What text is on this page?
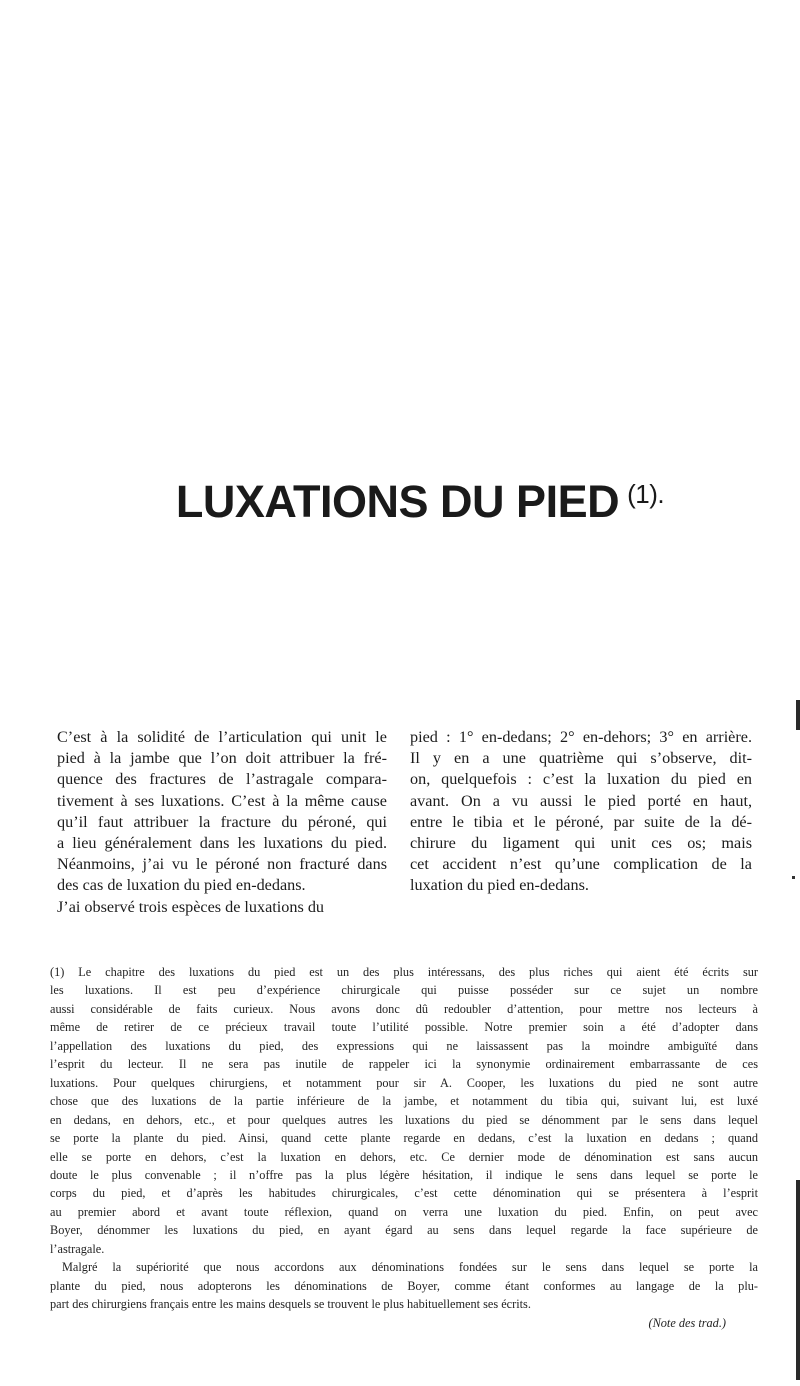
LUXATIONS DU PIED $^{(1).}$
C’est à la solidité de l’articulation qui unit le
pied à la jambe que l’on doit attribuer la fré-
quence des fractures de l’astragale compara-
tivement à ses luxations. C’est à la même cause
qu’il faut attribuer la fracture du péroné, qui
a lieu généralement dans les luxations du pied.
Néanmoins, j’ai vu le péroné non fracturé dans
des cas de luxation du pied en-dedans.
J’ai observé trois espèces de luxations du
pied : 1° en-dedans; 2° en-dehors; 3° en arrière.
Il y en a une quatrième qui s’observe, dit-
on, quelquefois : c’est la luxation du pied en
avant. On a vu aussi le pied porté en haut,
entre le tibia et le péroné, par suite de la dé-
chirure du ligament qui unit ces os; mais
cet accident n’est qu’une complication de la
luxation du pied en-dedans.
(1) Le chapitre des luxations du pied est un des plus intéressans, des plus riches qui aient été écrits sur
les luxations. Il est peu d’expérience chirurgicale qui puisse posséder sur ce sujet un nombre
aussi considérable de faits curieux. Nous avons donc dû redoubler d’attention, pour mettre nos lecteurs à
même de retirer de ce précieux travail toute l’utilité possible. Notre premier soin a été d’adopter dans
l’appellation des luxations du pied, des expressions qui ne laissassent pas la moindre ambiguïté dans
l’esprit du lecteur. Il ne sera pas inutile de rappeler ici la synonymie ordinairement embarrassante de ces
luxations. Pour quelques chirurgiens, et notamment pour sir A. Cooper, les luxations du pied ne sont autre
chose que des luxations de la partie inférieure de la jambe, et notamment du tibia qui, suivant lui, est luxé
en dedans, en dehors, etc., et pour quelques autres les luxations du pied se dénomment par le sens dans lequel
se porte la plante du pied. Ainsi, quand cette plante regarde en dedans, c’est la luxation en dedans ; quand
elle se porte en dehors, c’est la luxation en dehors, etc. Ce dernier mode de dénomination est sans aucun
doute le plus convenable ; il n’offre pas la plus légère hésitation, il indique le sens dans lequel se porte le
corps du pied, et d’après les habitudes chirurgicales, c’est cette dénomination qui se présentera à l’esprit
au premier abord et avant toute réflexion, quand on verra une luxation du pied. Enfin, on peut avec
Boyer, dénommer les luxations du pied, en ayant égard au sens dans lequel regarde la face supérieure de
l’astragale.
Malgré la supériorité que nous accordons aux dénominations fondées sur le sens dans lequel se porte la
plante du pied, nous adopterons les dénominations de Boyer, comme étant conformes au langage de la plu-
part des chirurgiens français entre les mains desquels se trouvent le plus habituellement ses écrits.
(Note des trad.)
